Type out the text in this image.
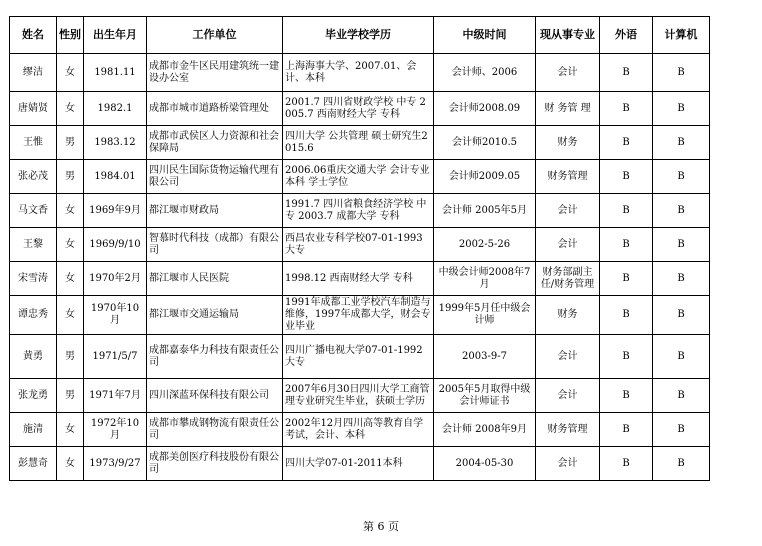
姓名	性别	出生年月	工作单位	毕业学校学历	中级时间	现从事专业	外语	计算机
缪洁	女	1981.11	成都市金牛区民用建筑统一建设办公室	上海海事大学、2007.01、会计、本科	会计师、2006	会计	B	B
唐婧贤	女	1982.1	成都市城市道路桥梁管理处	2001.7 四川省财政学校 中专 2005.7 西南财经大学 专科	会计师2008.09	财 务管 理	B	B
王惟	男	1983.12	成都市武侯区人力资源和社会保障局	四川大学 公共管理 硕士研究生2015.6	会计师2010.5	财务	B	B
张必茂	男	1984.01	四川民生国际货物运输代理有限公司	2006.06重庆交通大学 会计专业本科 学士学位	会计师2009.05	财务管理	B	B
马文香	女	1969年9月	都江堰市财政局	1991.7 四川省粮食经济学校 中专 2003.7 成都大学 专科	会计师 2005年5月	会计	B	B
王黎	女	1969/9/10	智慕时代科技（成都）有限公司	西昌农业专科学校07-01-1993大专	2002-5-26	会计	B	B
宋雪涛	女	1970年2月	都江堰市人民医院	1998.12 西南财经大学 专科	中级会计师2008年7月	财务部副主任/财务管理	B	B
谭忠秀	女	1970年10月	都江堰市交通运输局	1991年成都工业学校汽车制造与维修，1997年成都大学，财会专业毕业	1999年5月任中级会计师	财务	B	B
黄勇	男	1971/5/7	成都嘉泰华力科技有限责任公司	四川广播电视大学07-01-1992大专	2003-9-7	会计	B	B
张龙勇	男	1971年7月	四川深蓝环保科技有限公司	2007年6月30日四川大学工商管理专业研究生毕业，获硕士学历	2005年5月取得中级会计师证书	会计	B	B
施清	女	1972年10月	成都市攀成钢物流有限责任公司	2002年12月四川高等教育自学考试，会计、本科	会计师 2008年9月	财务管理	B	B
彭慧奇	女	1973/9/27	成都美创医疗科技股份有限公司	四川大学07-01-2011本科	2004-05-30	会计	B	B
第 6 页
